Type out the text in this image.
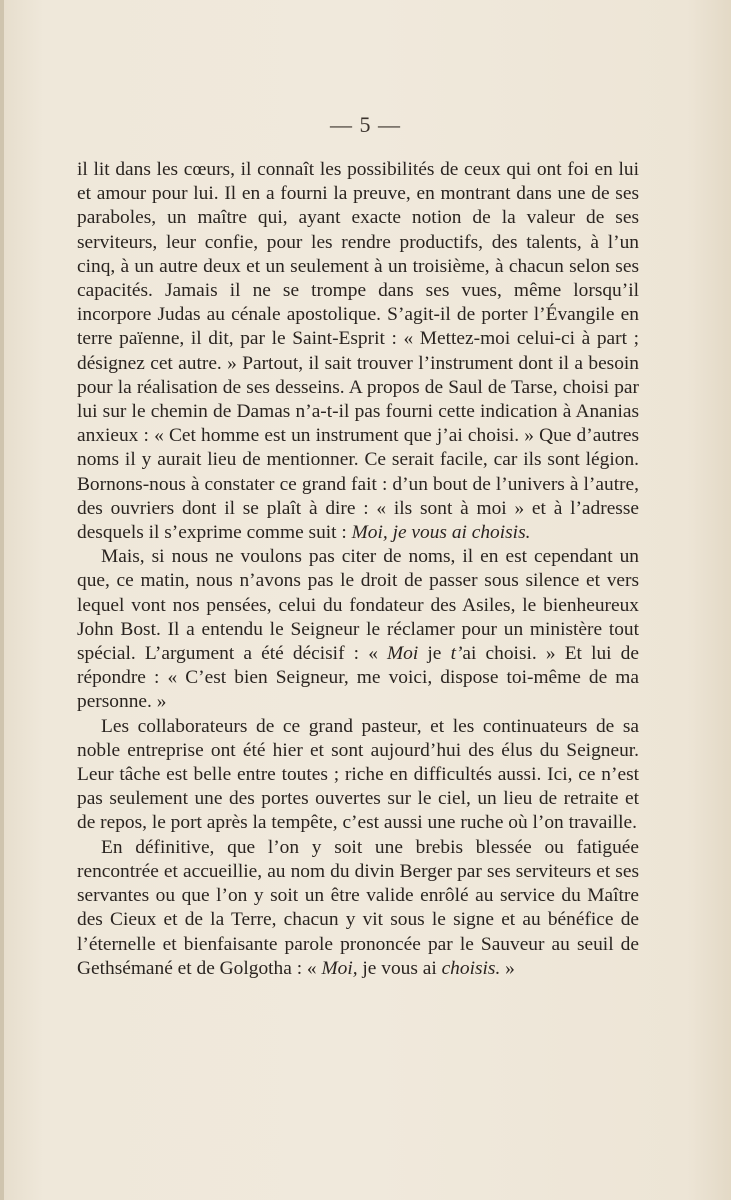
— 5 —

il lit dans les cœurs, il connaît les possibilités de ceux qui ont foi en lui et amour pour lui. Il en a fourni la preuve, en montrant dans une de ses paraboles, un maître qui, ayant exacte notion de la valeur de ses serviteurs, leur confie, pour les rendre productifs, des talents, à l’un cinq, à un autre deux et un seulement à un troisième, à chacun selon ses capacités. Jamais il ne se trompe dans ses vues, même lorsqu’il incorpore Judas au cénale apostolique. S’agit-il de porter l’Évangile en terre païenne, il dit, par le Saint-Esprit : « Mettez-moi celui-ci à part ; désignez cet autre. » Partout, il sait trouver l’instrument dont il a besoin pour la réalisation de ses desseins. A propos de Saul de Tarse, choisi par lui sur le chemin de Damas n’a-t-il pas fourni cette indication à Ananias anxieux : « Cet homme est un instrument que j’ai choisi. » Que d’autres noms il y aurait lieu de mentionner. Ce serait facile, car ils sont légion. Bornons-nous à constater ce grand fait : d’un bout de l’univers à l’autre, des ouvriers dont il se plaît à dire : « ils sont à moi » et à l’adresse desquels il s’exprime comme suit : Moi, je vous ai choisis.

Mais, si nous ne voulons pas citer de noms, il en est cependant un que, ce matin, nous n’avons pas le droit de passer sous silence et vers lequel vont nos pensées, celui du fondateur des Asiles, le bienheureux John Bost. Il a entendu le Seigneur le réclamer pour un ministère tout spécial. L’argument a été décisif : « Moi je t’ai choisi. » Et lui de répondre : « C’est bien Seigneur, me voici, dispose toi-même de ma personne. »

Les collaborateurs de ce grand pasteur, et les continuateurs de sa noble entreprise ont été hier et sont aujourd’hui des élus du Seigneur. Leur tâche est belle entre toutes ; riche en difficultés aussi. Ici, ce n’est pas seulement une des portes ouvertes sur le ciel, un lieu de retraite et de repos, le port après la tempête, c’est aussi une ruche où l’on travaille.

En définitive, que l’on y soit une brebis blessée ou fatiguée rencontrée et accueillie, au nom du divin Berger par ses serviteurs et ses servantes ou que l’on y soit un être valide enrôlé au service du Maître des Cieux et de la Terre, chacun y vit sous le signe et au bénéfice de l’éternelle et bienfaisante parole prononcée par le Sauveur au seuil de Gethsémané et de Golgotha : « Moi, je vous ai choisis. »
